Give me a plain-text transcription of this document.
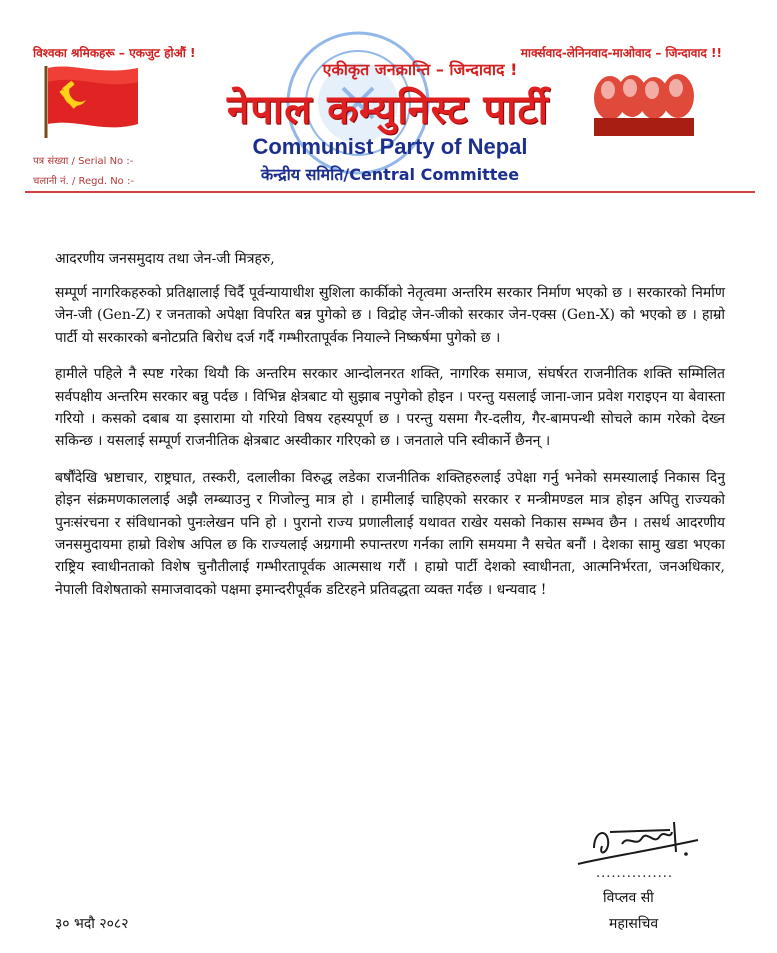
विश्वका श्रमिकहरू – एकजुट होऔं !	मार्क्सवाद-लेनिनवाद-माओवाद – जिन्दावाद !!
एकीकृत जनक्रान्ति – जिन्दावाद !
नेपाल कम्युनिस्ट पार्टी
Communist Party of Nepal
केन्द्रीय समिति/Central Committee
पत्र संख्या / Serial No :-
चलानी नं. / Regd. No :-

आदरणीय जनसमुदाय तथा जेन-जी मित्रहरु,

सम्पूर्ण नागरिकहरुको प्रतिक्षालाई चिर्दै पूर्वन्यायाधीश सुशिला कार्कीको नेतृत्वमा अन्तरिम सरकार निर्माण भएको छ । सरकारको निर्माण जेन-जी (Gen-Z) र जनताको अपेक्षा विपरित बन्न पुगेको छ । विद्रोह जेन-जीको सरकार जेन-एक्स (Gen-X) को भएको छ । हाम्रो पार्टी यो सरकारको बनोटप्रति बिरोध दर्ज गर्दै गम्भीरतापूर्वक नियाल्ने निष्कर्षमा पुगेको छ ।

हामीले पहिले नै स्पष्ट गरेका थियौ कि अन्तरिम सरकार आन्दोलनरत शक्ति, नागरिक समाज, संघर्षरत राजनीतिक शक्ति सम्मिलित सर्वपक्षीय अन्तरिम सरकार बन्नु पर्दछ । विभिन्न क्षेत्रबाट यो सुझाब नपुगेको होइन । परन्तु यसलाई जाना-जान प्रवेश गराइएन या बेवास्ता गरियो । कसको दबाब या इसारामा यो गरियो विषय रहस्यपूर्ण छ । परन्तु यसमा गैर-दलीय, गैर-बामपन्थी सोचले काम गरेको देख्न सकिन्छ । यसलाई सम्पूर्ण राजनीतिक क्षेत्रबाट अस्वीकार गरिएको छ । जनताले पनि स्वीकार्ने छैनन् ।

बर्षौंदेखि भ्रष्टाचार, राष्ट्रघात, तस्करी, दलालीका विरुद्ध लडेका राजनीतिक शक्तिहरुलाई उपेक्षा गर्नु भनेको समस्यालाई निकास दिनु होइन संक्रमणकाललाई अझै लम्ब्याउनु र गिजोल्नु मात्र हो । हामीलाई चाहिएको सरकार र मन्त्रीमण्डल मात्र होइन अपितु राज्यको पुनःसंरचना र संविधानको पुनःलेखन पनि हो । पुरानो राज्य प्रणालीलाई यथावत राखेर यसको निकास सम्भव छैन । तसर्थ आदरणीय जनसमुदायमा हाम्रो विशेष अपिल छ कि राज्यलाई अग्रगामी रुपान्तरण गर्नका लागि समयमा नै सचेत बनौं । देशका सामु खडा भएका राष्ट्रिय स्वाधीनताको विशेष चुनौतीलाई गम्भीरतापूर्वक आत्मसाथ गरौं । हाम्रो पार्टी देशको स्वाधीनता, आत्मनिर्भरता, जनअधिकार, नेपाली विशेषताको समाजवादको पक्षमा इमान्दरीपूर्वक डटिरहने प्रतिवद्धता व्यक्त गर्दछ । धन्यवाद !

...............
विप्लव सी
महासचिव
३० भदौ २०८२
